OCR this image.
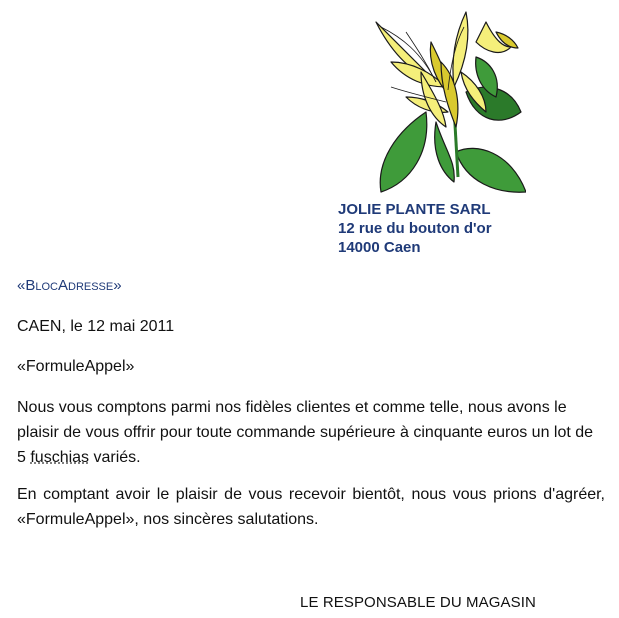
JOLIE PLANTE SARL
12 rue du bouton d'or
14000 Caen
«BLOCADRESSE»
CAEN, le 12 mai 2011
«FormuleAppel»
Nous vous comptons parmi nos fidèles clientes et comme telle, nous avons le plaisir de vous offrir pour toute commande supérieure à cinquante euros un lot de 5 fuschias variés.
En comptant avoir le plaisir de vous recevoir bientôt, nous vous prions d'agréer, «FormuleAppel», nos sincères salutations.
LE RESPONSABLE DU MAGASIN
